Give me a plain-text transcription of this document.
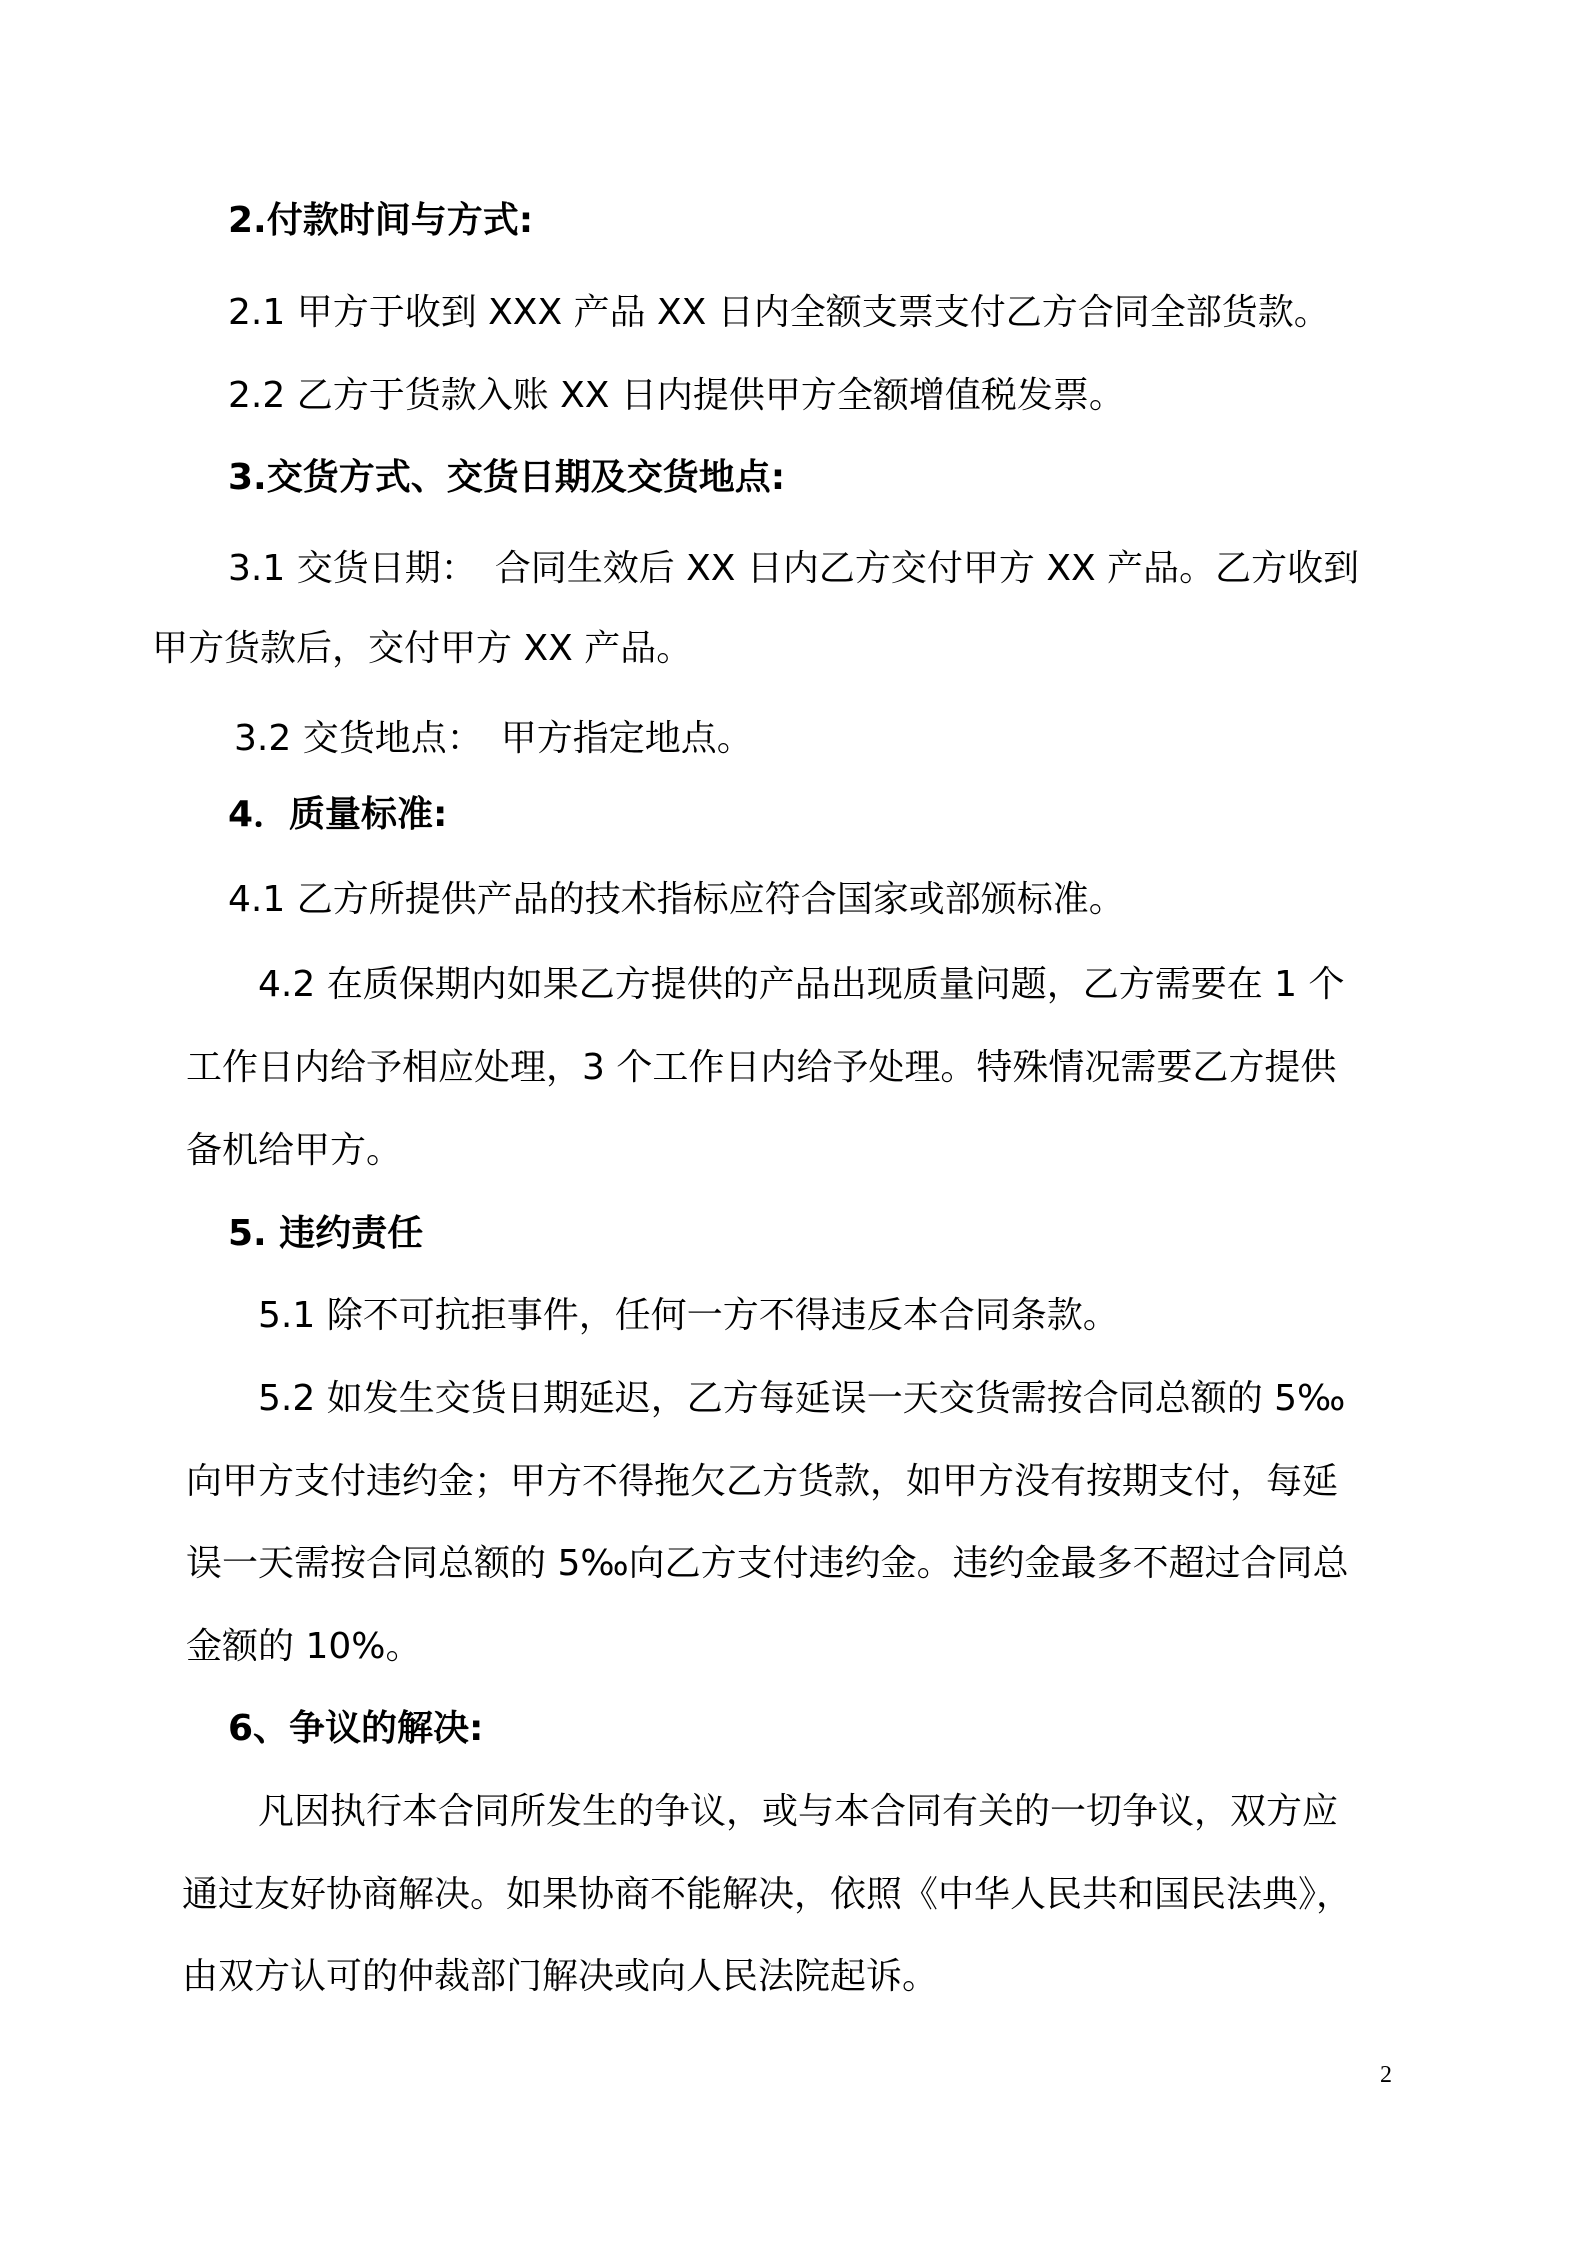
2.付款时间与方式:
2.1 甲方于收到 XXX 产品 XX 日内全额支票支付乙方合同全部货款。
2.2 乙方于货款入账 XX 日内提供甲方全额增值税发票。
3.交货方式、交货日期及交货地点:
3.1 交货日期：　合同生效后 XX 日内乙方交付甲方 XX 产品。乙方收到
甲方货款后，交付甲方 XX 产品。
3.2 交货地点：　甲方指定地点。
4．质量标准:
4.1 乙方所提供产品的技术指标应符合国家或部颁标准。
4.2 在质保期内如果乙方提供的产品出现质量问题，乙方需要在 1 个
工作日内给予相应处理，3 个工作日内给予处理。特殊情况需要乙方提供
备机给甲方。
5. 违约责任
5.1 除不可抗拒事件，任何一方不得违反本合同条款。
5.2 如发生交货日期延迟，乙方每延误一天交货需按合同总额的 5‰
向甲方支付违约金；甲方不得拖欠乙方货款，如甲方没有按期支付，每延
误一天需按合同总额的 5‰向乙方支付违约金。违约金最多不超过合同总
金额的 10%。
6、争议的解决:
凡因执行本合同所发生的争议，或与本合同有关的一切争议，双方应
通过友好协商解决。如果协商不能解决，依照《中华人民共和国民法典》，
由双方认可的仲裁部门解决或向人民法院起诉。
2
